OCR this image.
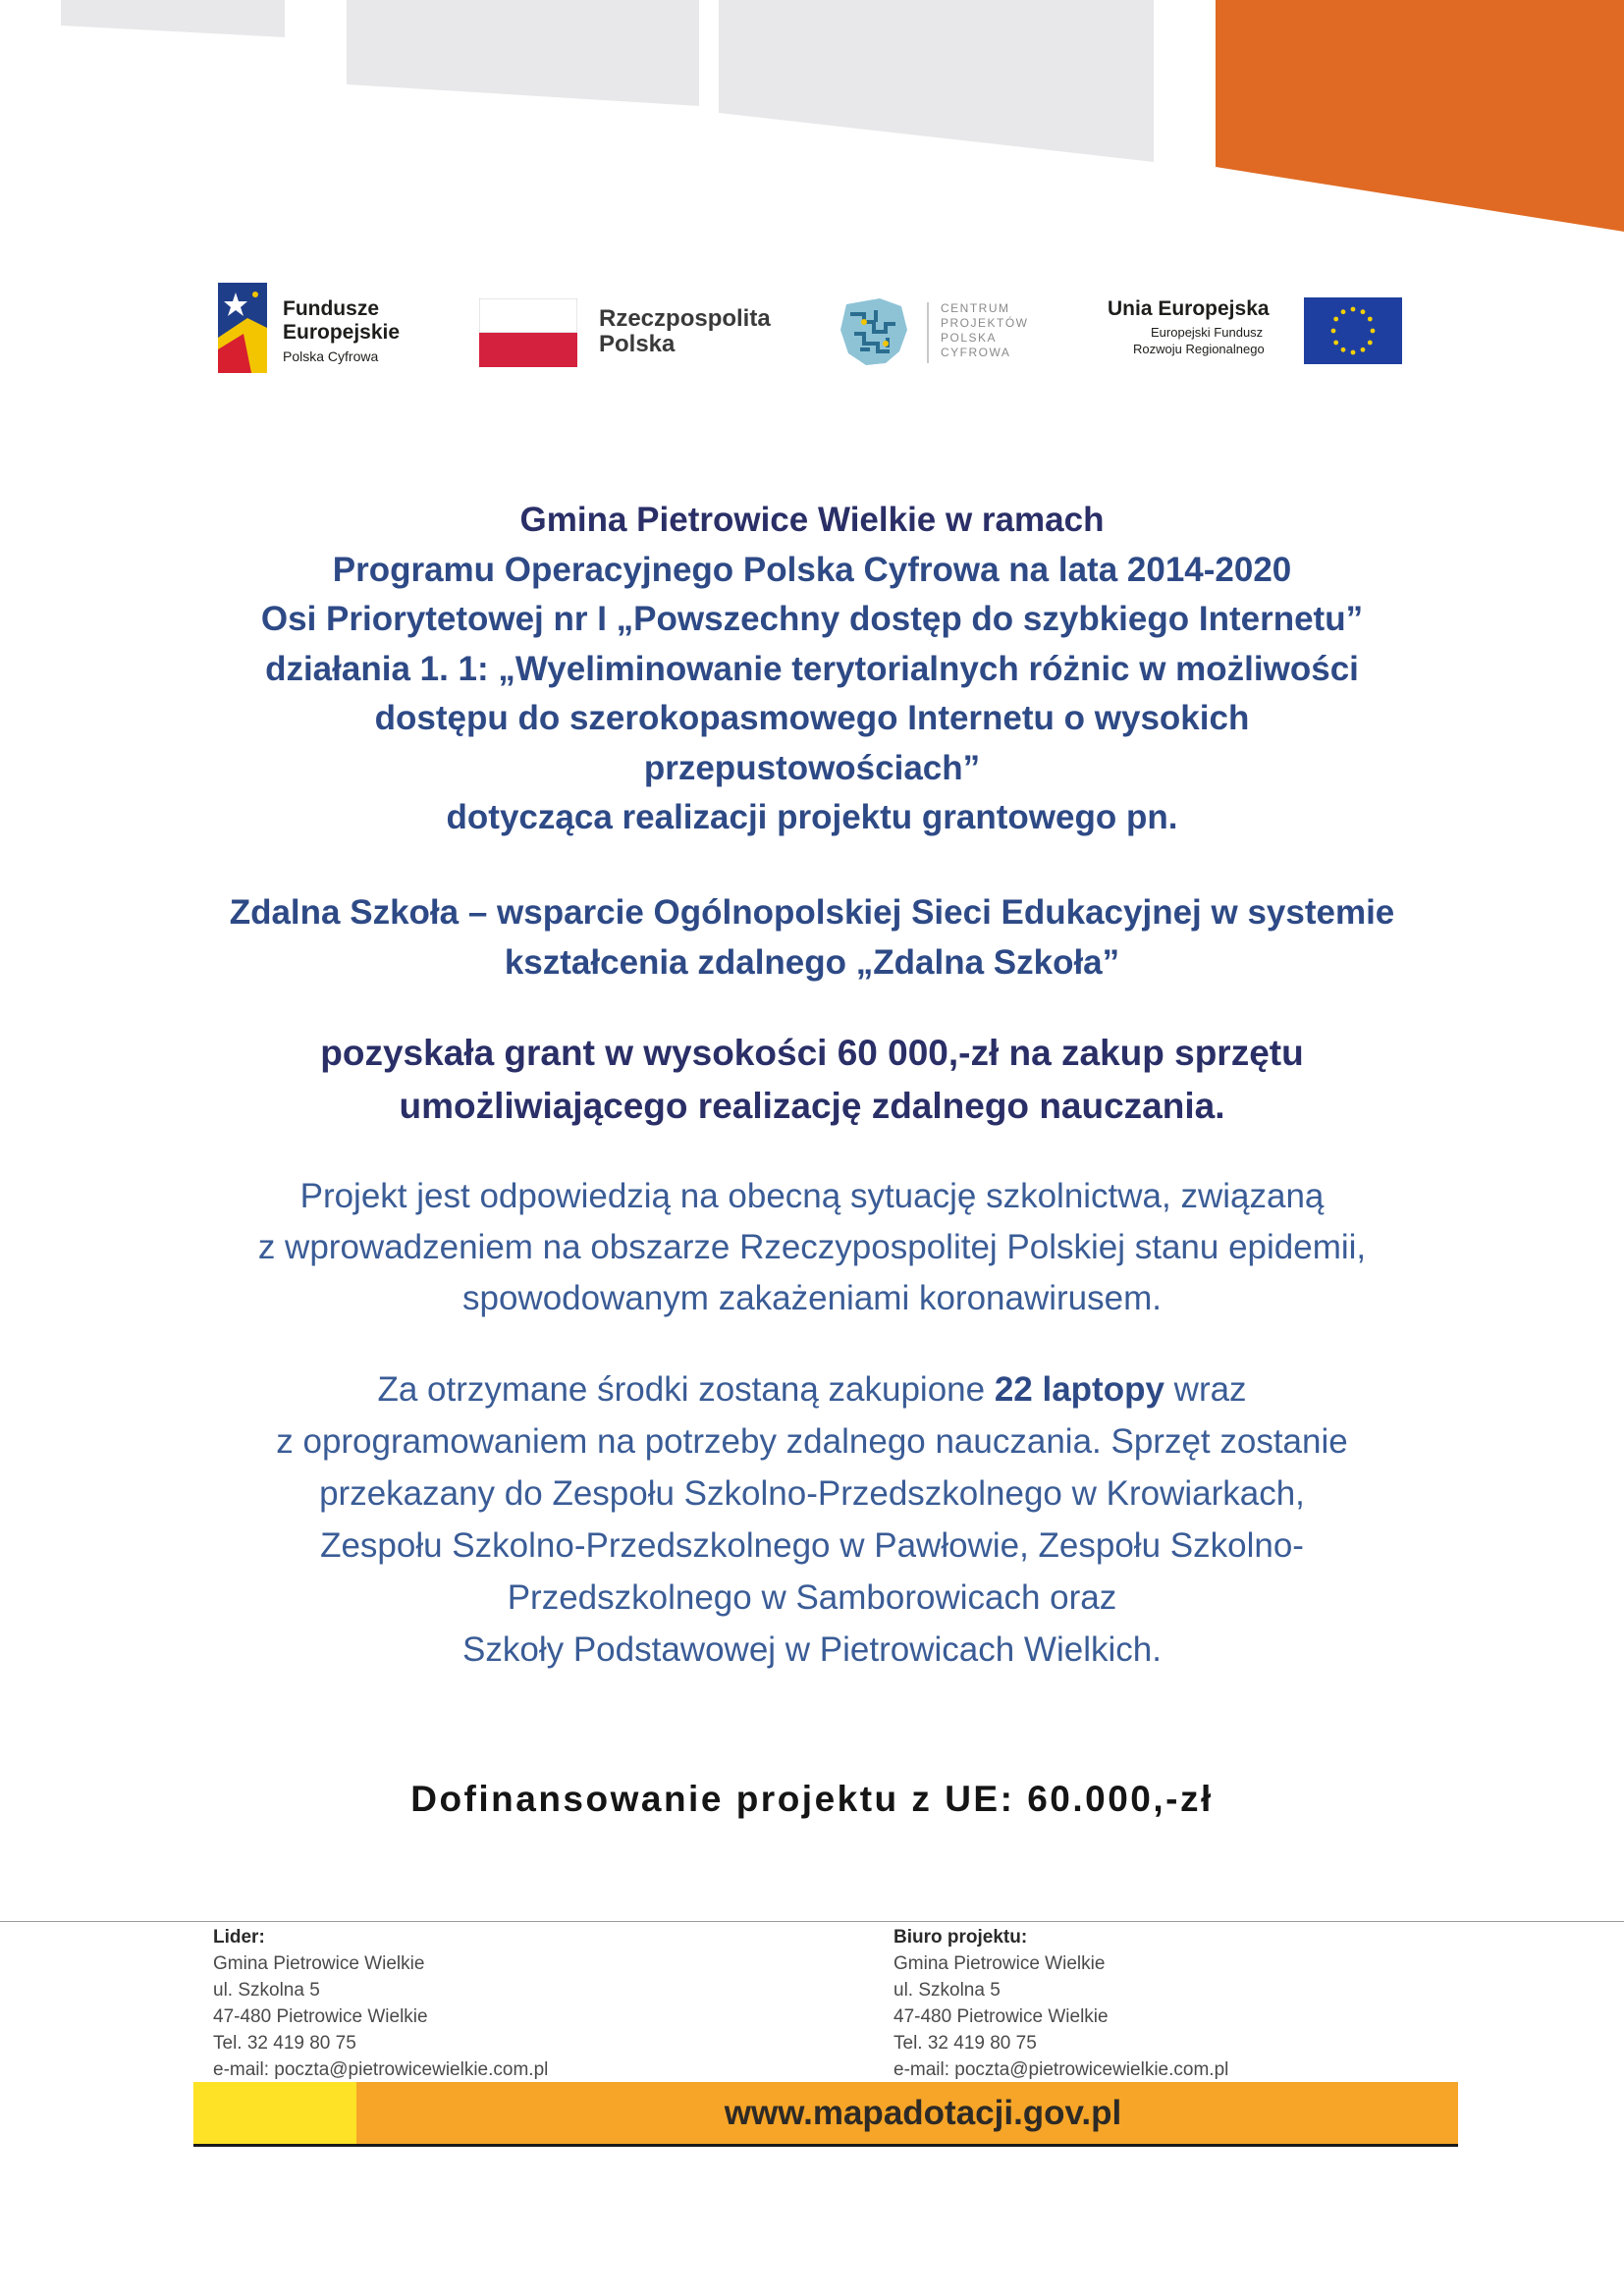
Fundusze
Europejskie
Polska Cyfrowa
Rzeczpospolita
Polska
CENTRUM
PROJEKTÓW
POLSKA
CYFROWA
Unia Europejska
Europejski Fundusz
Rozwoju Regionalnego
Gmina Pietrowice Wielkie w ramach
Programu Operacyjnego Polska Cyfrowa na lata 2014-2020
Osi Priorytetowej nr I „Powszechny dostęp do szybkiego Internetu”
działania 1. 1: „Wyeliminowanie terytorialnych różnic w możliwości
dostępu do szerokopasmowego Internetu o wysokich
przepustowościach”
dotycząca realizacji projektu grantowego pn.
Zdalna Szkoła – wsparcie Ogólnopolskiej Sieci Edukacyjnej w systemie
kształcenia zdalnego „Zdalna Szkoła”
pozyskała grant w wysokości 60 000,-zł na zakup sprzętu
umożliwiającego realizację zdalnego nauczania.
Projekt jest odpowiedzią na obecną sytuację szkolnictwa, związaną
z wprowadzeniem na obszarze Rzeczypospolitej Polskiej stanu epidemii,
spowodowanym zakażeniami koronawirusem.
Za otrzymane środki zostaną zakupione 22 laptopy wraz
z oprogramowaniem na potrzeby zdalnego nauczania. Sprzęt zostanie
przekazany do Zespołu Szkolno-Przedszkolnego w Krowiarkach,
Zespołu Szkolno-Przedszkolnego w Pawłowie, Zespołu Szkolno-
Przedszkolnego w Samborowicach oraz
Szkoły Podstawowej w Pietrowicach Wielkich.
Dofinansowanie projektu z UE: 60.000,-zł
Lider:
Gmina Pietrowice Wielkie
ul. Szkolna 5
47-480 Pietrowice Wielkie
Tel. 32 419 80 75
e-mail: poczta@pietrowicewielkie.com.pl
Biuro projektu:
Gmina Pietrowice Wielkie
ul. Szkolna 5
47-480 Pietrowice Wielkie
Tel. 32 419 80 75
e-mail: poczta@pietrowicewielkie.com.pl
www.mapadotacji.gov.pl
